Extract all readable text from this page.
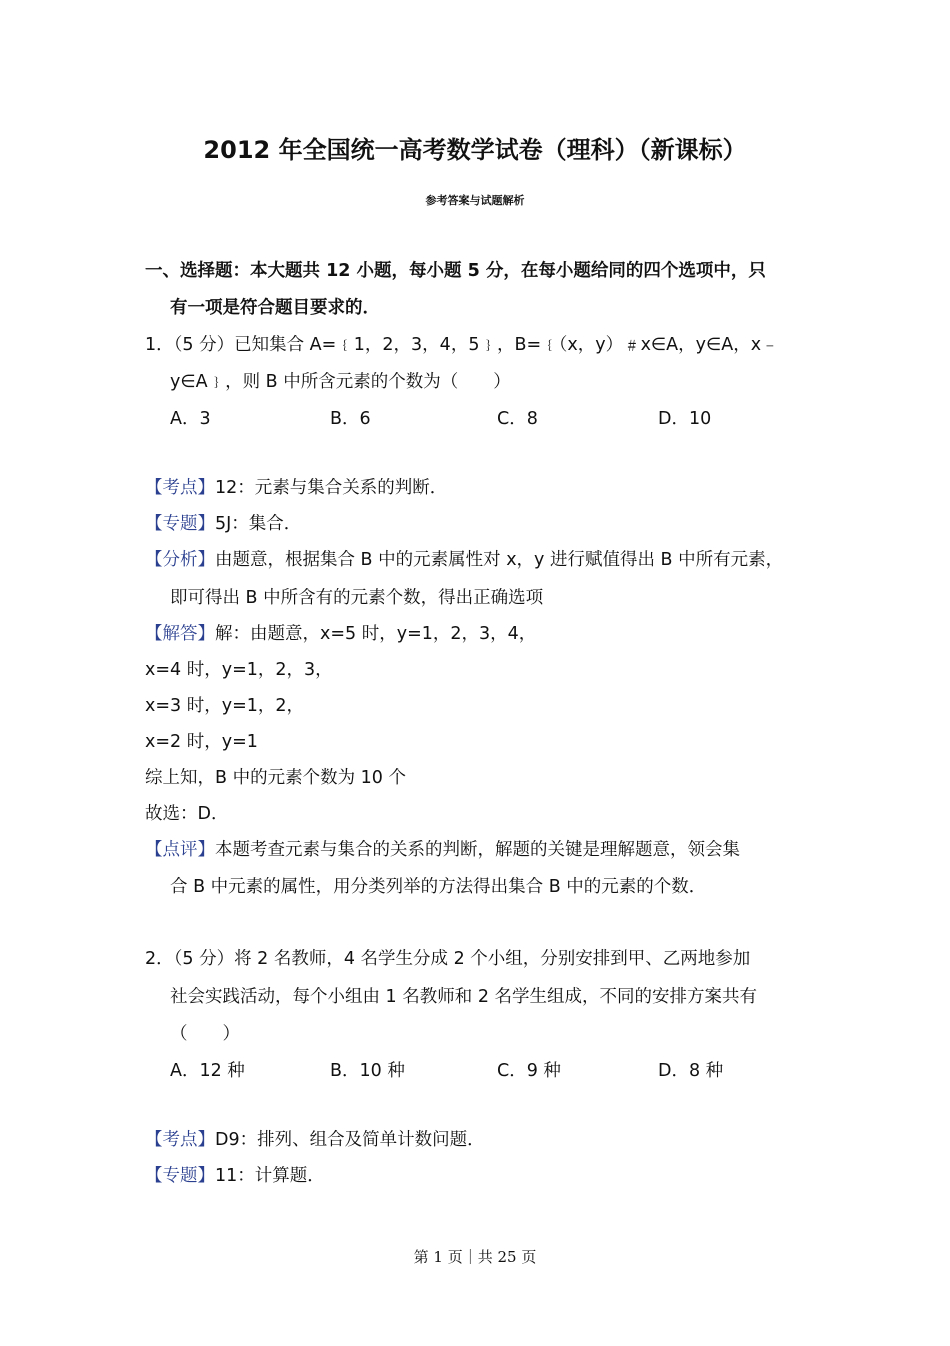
2012 年全国统一高考数学试卷（理科）（新课标）
参考答案与试题解析
一、选择题：本大题共 12 小题，每小题 5 分，在每小题给同的四个选项中，只
有一项是符合题目要求的．
1．（5 分）已知集合 A=﹛1，2，3，4，5﹜，B=﹛（x，y）﹟x∈A，y∈A，x﹣
y∈A﹜，则 B 中所含元素的个数为（　　）
A．3	B．6	C．8	D．10
【考点】12：元素与集合关系的判断．
【专题】5J：集合．
【分析】由题意，根据集合 B 中的元素属性对 x，y 进行赋值得出 B 中所有元素，
即可得出 B 中所含有的元素个数，得出正确选项
【解答】解：由题意，x=5 时，y=1，2，3，4，
x=4 时，y=1，2，3，
x=3 时，y=1，2，
x=2 时，y=1
综上知，B 中的元素个数为 10 个
故选：D．
【点评】本题考查元素与集合的关系的判断，解题的关键是理解题意，领会集
合 B 中元素的属性，用分类列举的方法得出集合 B 中的元素的个数．
2．（5 分）将 2 名教师，4 名学生分成 2 个小组，分别安排到甲、乙两地参加
社会实践活动，每个小组由 1 名教师和 2 名学生组成，不同的安排方案共有
（　　）
A．12 种	B．10 种	C．9 种	D．8 种
【考点】D9：排列、组合及简单计数问题．
【专题】11：计算题．
第 1 页｜共 25 页
